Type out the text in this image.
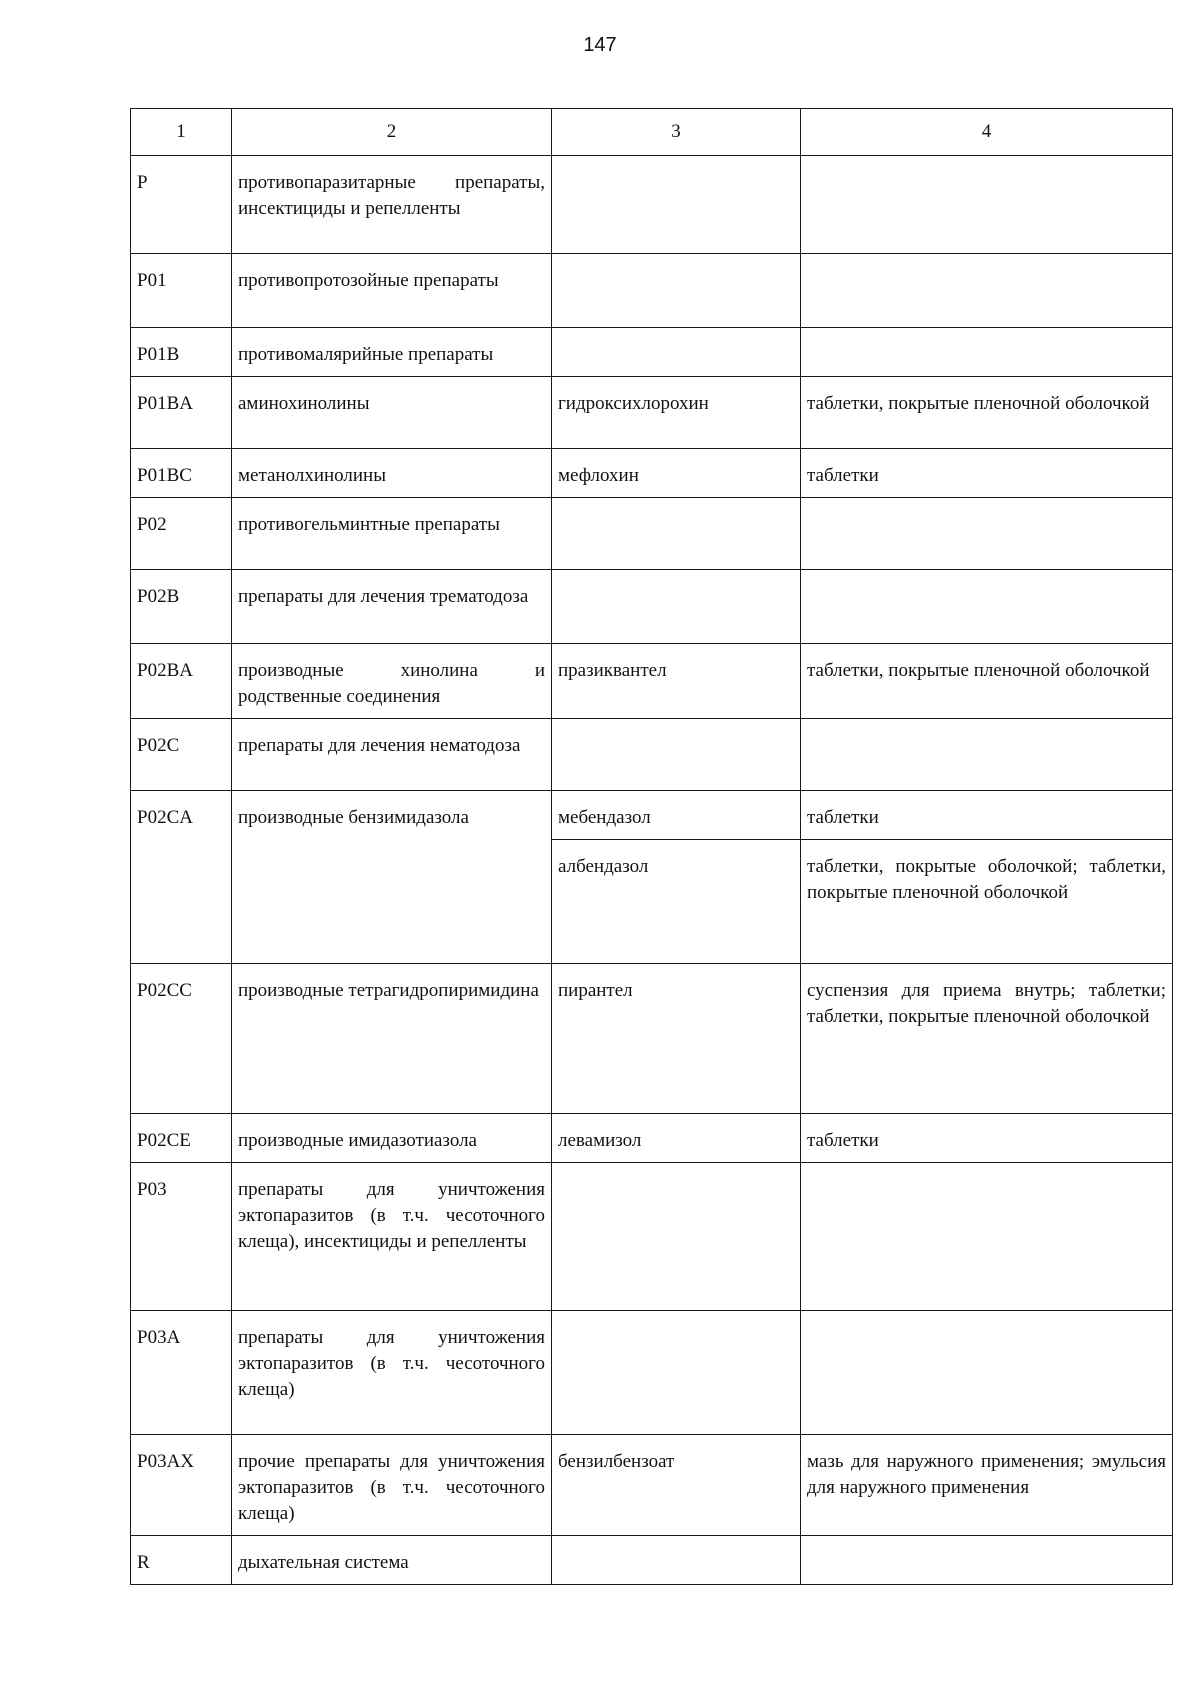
147
1	2	3	4
P	противопаразитарные препараты, инсектициды и репелленты		
P01	противопротозойные препараты		
P01B	противомалярийные препараты		
P01BA	аминохинолины	гидроксихлорохин	таблетки, покрытые пленочной оболочкой
P01BC	метанолхинолины	мефлохин	таблетки
P02	противогельминтные препараты		
P02B	препараты для лечения трематодоза		
P02BA	производные хинолина и родственные соединения	празиквантел	таблетки, покрытые пленочной оболочкой
P02C	препараты для лечения нематодоза		
P02CA	производные бензимидазола	мебендазол	таблетки
		албендазол	таблетки, покрытые оболочкой; таблетки, покрытые пленочной оболочкой
P02CC	производные тетрагидропиримидина	пирантел	суспензия для приема внутрь; таблетки; таблетки, покрытые пленочной оболочкой
P02CE	производные имидазотиазола	левамизол	таблетки
P03	препараты для уничтожения эктопаразитов (в т.ч. чесоточного клеща), инсектициды и репелленты		
P03A	препараты для уничтожения эктопаразитов (в т.ч. чесоточного клеща)		
P03AX	прочие препараты для уничтожения эктопаразитов (в т.ч. чесоточного клеща)	бензилбензоат	мазь для наружного применения; эмульсия для наружного применения
R	дыхательная система		
